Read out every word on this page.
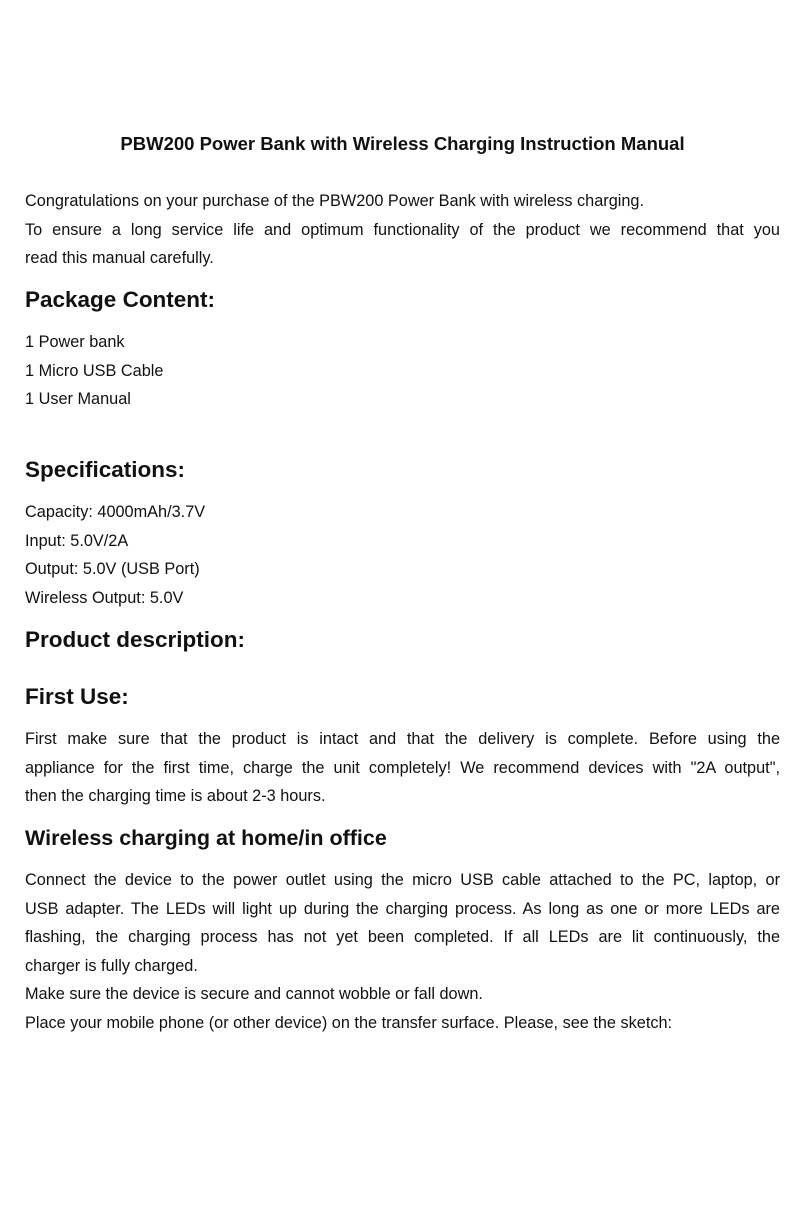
PBW200 Power Bank with Wireless Charging Instruction Manual
Congratulations on your purchase of the PBW200 Power Bank with wireless charging.
To ensure a long service life and optimum functionality of the product we recommend that you
read this manual carefully.
Package Content:
1 Power bank
1 Micro USB Cable
1 User Manual
Specifications:
Capacity: 4000mAh/3.7V
Input: 5.0V/2A
Output: 5.0V (USB Port)
Wireless Output: 5.0V
Product description:
First Use:
First make sure that the product is intact and that the delivery is complete. Before using the
appliance for the first time, charge the unit completely! We recommend devices with "2A output",
then the charging time is about 2-3 hours.
Wireless charging at home/in office
Connect the device to the power outlet using the micro USB cable attached to the PC, laptop, or
USB adapter. The LEDs will light up during the charging process. As long as one or more LEDs are
flashing, the charging process has not yet been completed. If all LEDs are lit continuously, the
charger is fully charged.
Make sure the device is secure and cannot wobble or fall down.
Place your mobile phone (or other device) on the transfer surface. Please, see the sketch:
